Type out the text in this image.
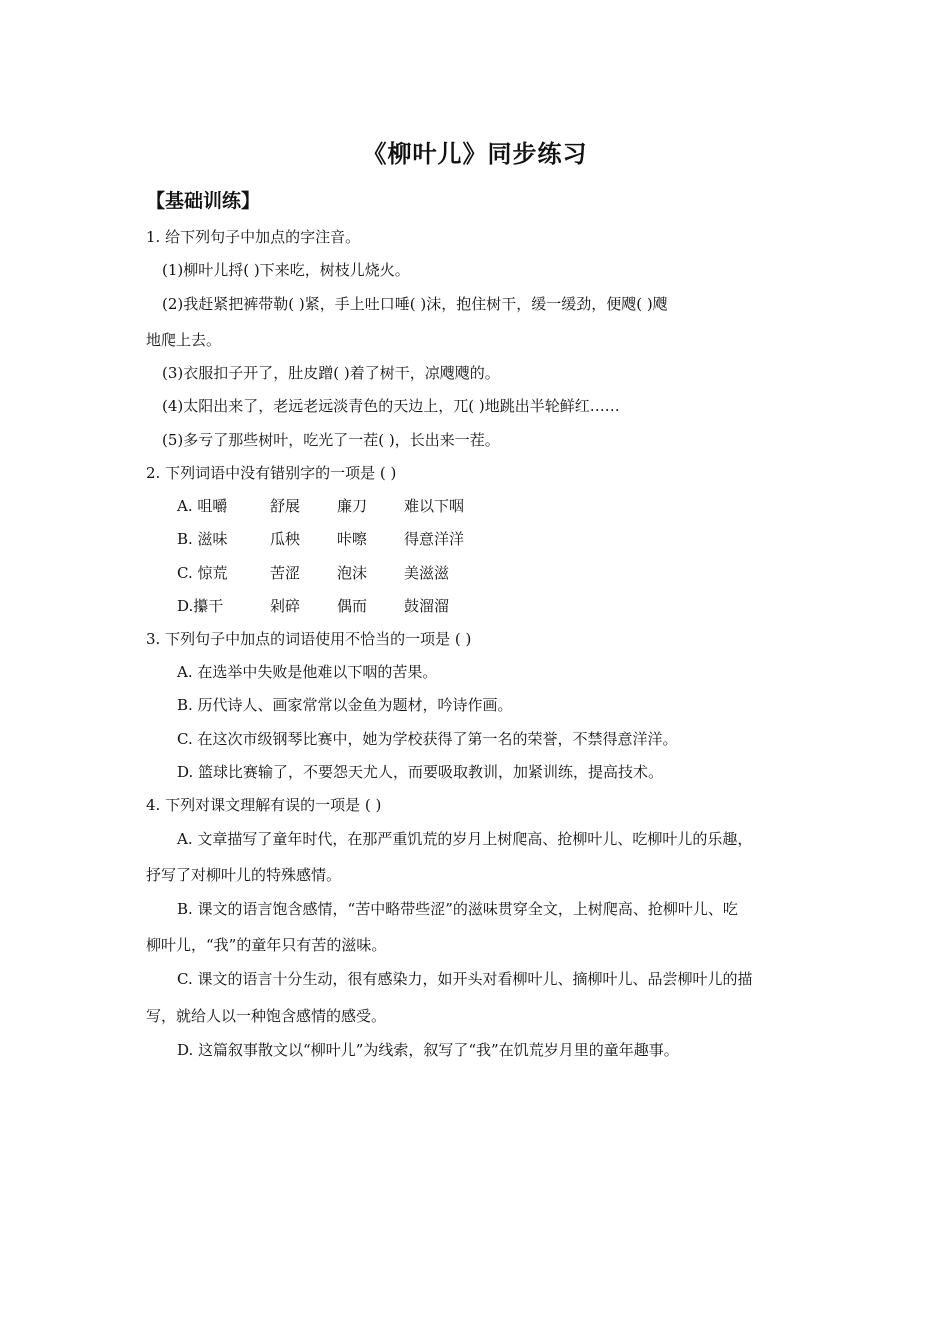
《柳叶儿》同步练习
【基础训练】
1. 给下列句子中加点的字注音。
(1)柳叶儿捋( )下来吃，树枝儿烧火。
(2)我赶紧把裤带勒( )紧，手上吐口唾( )沫，抱住树干，缓一缓劲，便飕( )飕
地爬上去。
(3)衣服扣子开了，肚皮蹭( )着了树干，凉飕飕的。
(4)太阳出来了，老远老远淡青色的天边上，兀( )地跳出半轮鲜红……
(5)多亏了那些树叶，吃光了一茬( )，长出来一茬。
2. 下列词语中没有错别字的一项是 ( )
A. 咀嚼	舒展 廉刀 难以下咽
B. 滋味	瓜秧 咔嚓 得意洋洋
C. 惊荒	苦涩 泡沫 美滋滋
D.攥干	剁碎 偶而 鼓溜溜
3. 下列句子中加点的词语使用不恰当的一项是 ( )
A. 在选举中失败是他难以下咽的苦果。
B. 历代诗人、画家常常以金鱼为题材，吟诗作画。
C. 在这次市级钢琴比赛中，她为学校获得了第一名的荣誉，不禁得意洋洋。
D. 篮球比赛输了，不要怨天尤人，而要吸取教训，加紧训练，提高技术。
4. 下列对课文理解有误的一项是 ( )
A. 文章描写了童年时代，在那严重饥荒的岁月上树爬高、抢柳叶儿、吃柳叶儿的乐趣，
抒写了对柳叶儿的特殊感情。
B. 课文的语言饱含感情，“苦中略带些涩”的滋味贯穿全文，上树爬高、抢柳叶儿、吃
柳叶儿，“我”的童年只有苦的滋味。
C. 课文的语言十分生动，很有感染力，如开头对看柳叶儿、摘柳叶儿、品尝柳叶儿的描
写，就给人以一种饱含感情的感受。
D. 这篇叙事散文以“柳叶儿”为线索，叙写了“我”在饥荒岁月里的童年趣事。
